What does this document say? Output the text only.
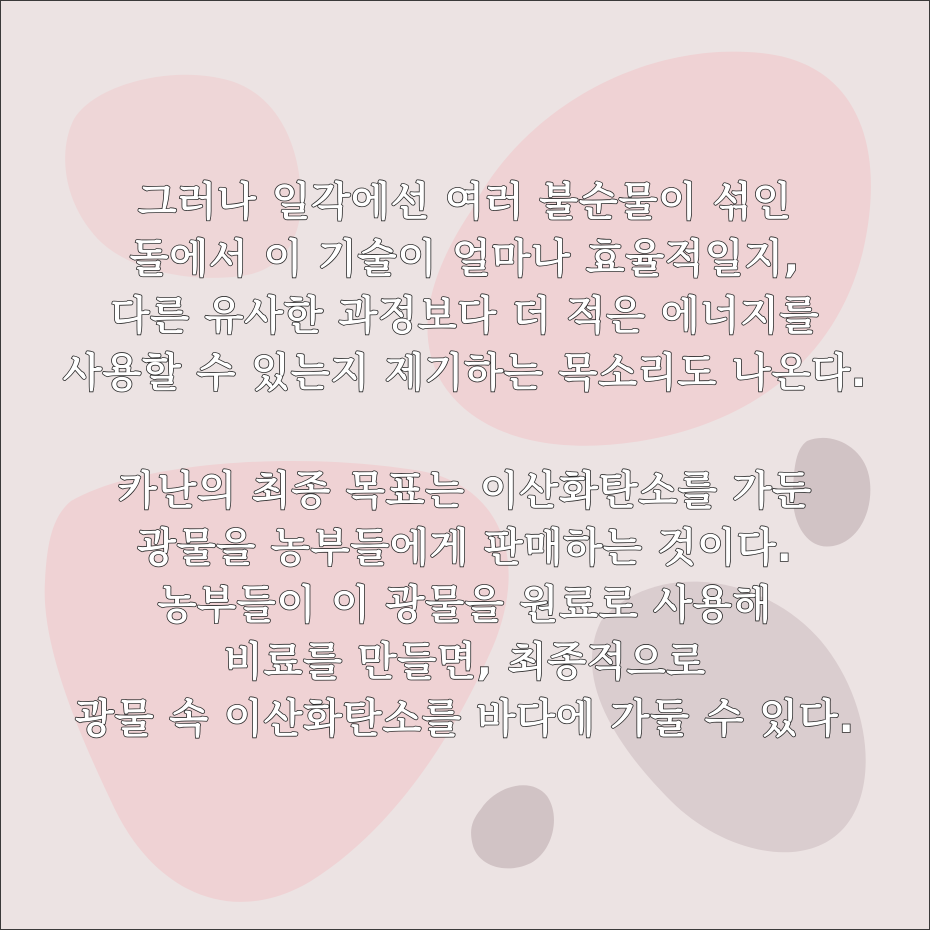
그러나 일각에선 여러 불순물이 섞인
돌에서 이 기술이 얼마나 효율적일지,
다른 유사한 과정보다 더 적은 에너지를
사용할 수 있는지 제기하는 목소리도 나온다.
카난의 최종 목표는 이산화탄소를 가둔
광물을 농부들에게 판매하는 것이다.
농부들이 이 광물을 원료로 사용해
비료를 만들면, 최종적으로
광물 속 이산화탄소를 바다에 가둘 수 있다.
